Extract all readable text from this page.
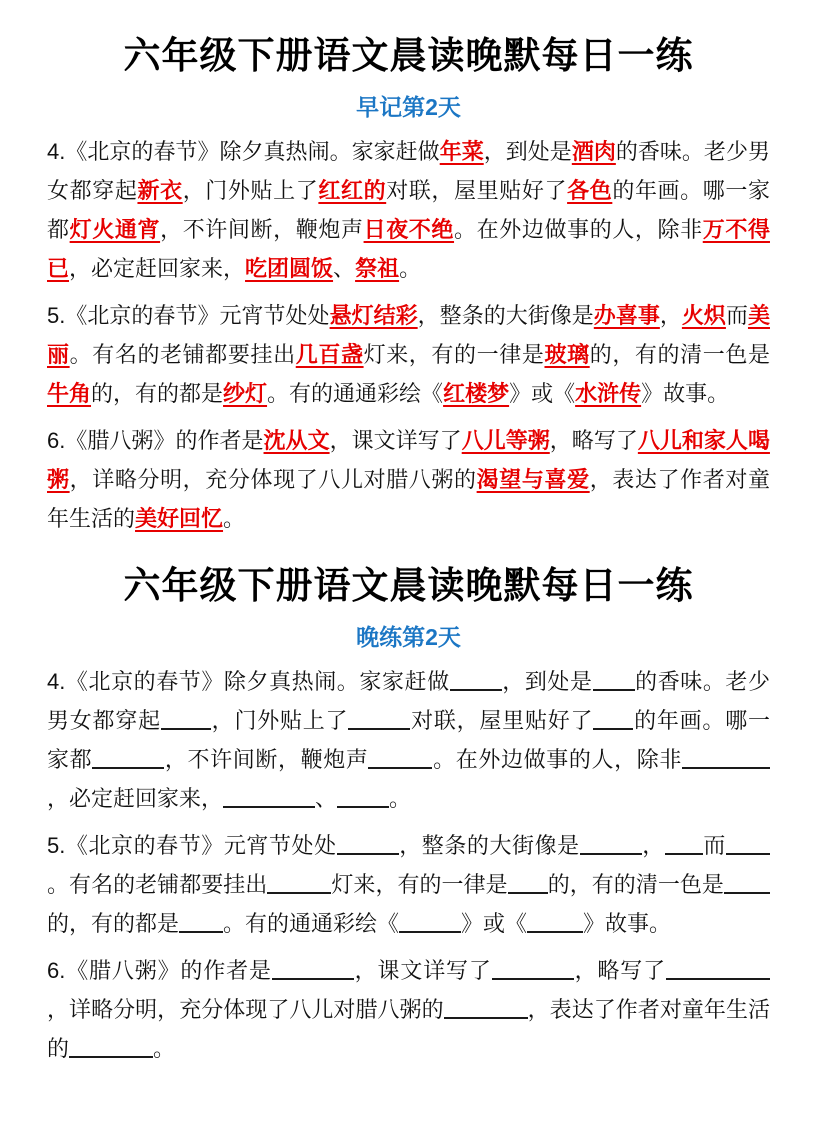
六年级下册语文晨读晚默每日一练
早记第2天

4.《北京的春节》除夕真热闹。家家赶做年菜，到处是酒肉的香味。老少男女都穿起新衣，门外贴上了红红的对联，屋里贴好了各色的年画。哪一家都灯火通宵，不许间断，鞭炮声日夜不绝。在外边做事的人，除非万不得已，必定赶回家来，吃团圆饭、祭祖。

5.《北京的春节》元宵节处处悬灯结彩，整条的大街像是办喜事，火炽而美丽。有名的老铺都要挂出几百盏灯来，有的一律是玻璃的，有的清一色是牛角的，有的都是纱灯。有的通通彩绘《红楼梦》或《水浒传》故事。

6.《腊八粥》的作者是沈从文，课文详写了八儿等粥，略写了八儿和家人喝粥，详略分明，充分体现了八儿对腊八粥的渴望与喜爱，表达了作者对童年生活的美好回忆。

六年级下册语文晨读晚默每日一练
晚练第2天

4.《北京的春节》除夕真热闹。家家赶做 ，到处是 的香味。老少男女都穿起 ，门外贴上了	对联，屋里贴好了 的年画。哪一家都	，不许间断，鞭炮声	。在外边做事的人，除非，必定赶回家来，	、 。

5.《北京的春节》元宵节处处	，整条的大街像是	， 而。有名的老铺都要挂出	灯来，有的一律是 的，有的清一色是的，有的都是 。有的通通彩绘《	》或《	》故事。

6.《腊八粥》的作者是	，课文详写了	，略写了，详略分明，充分体现了八儿对腊八粥的	，表达了作者对童年生活的	。
